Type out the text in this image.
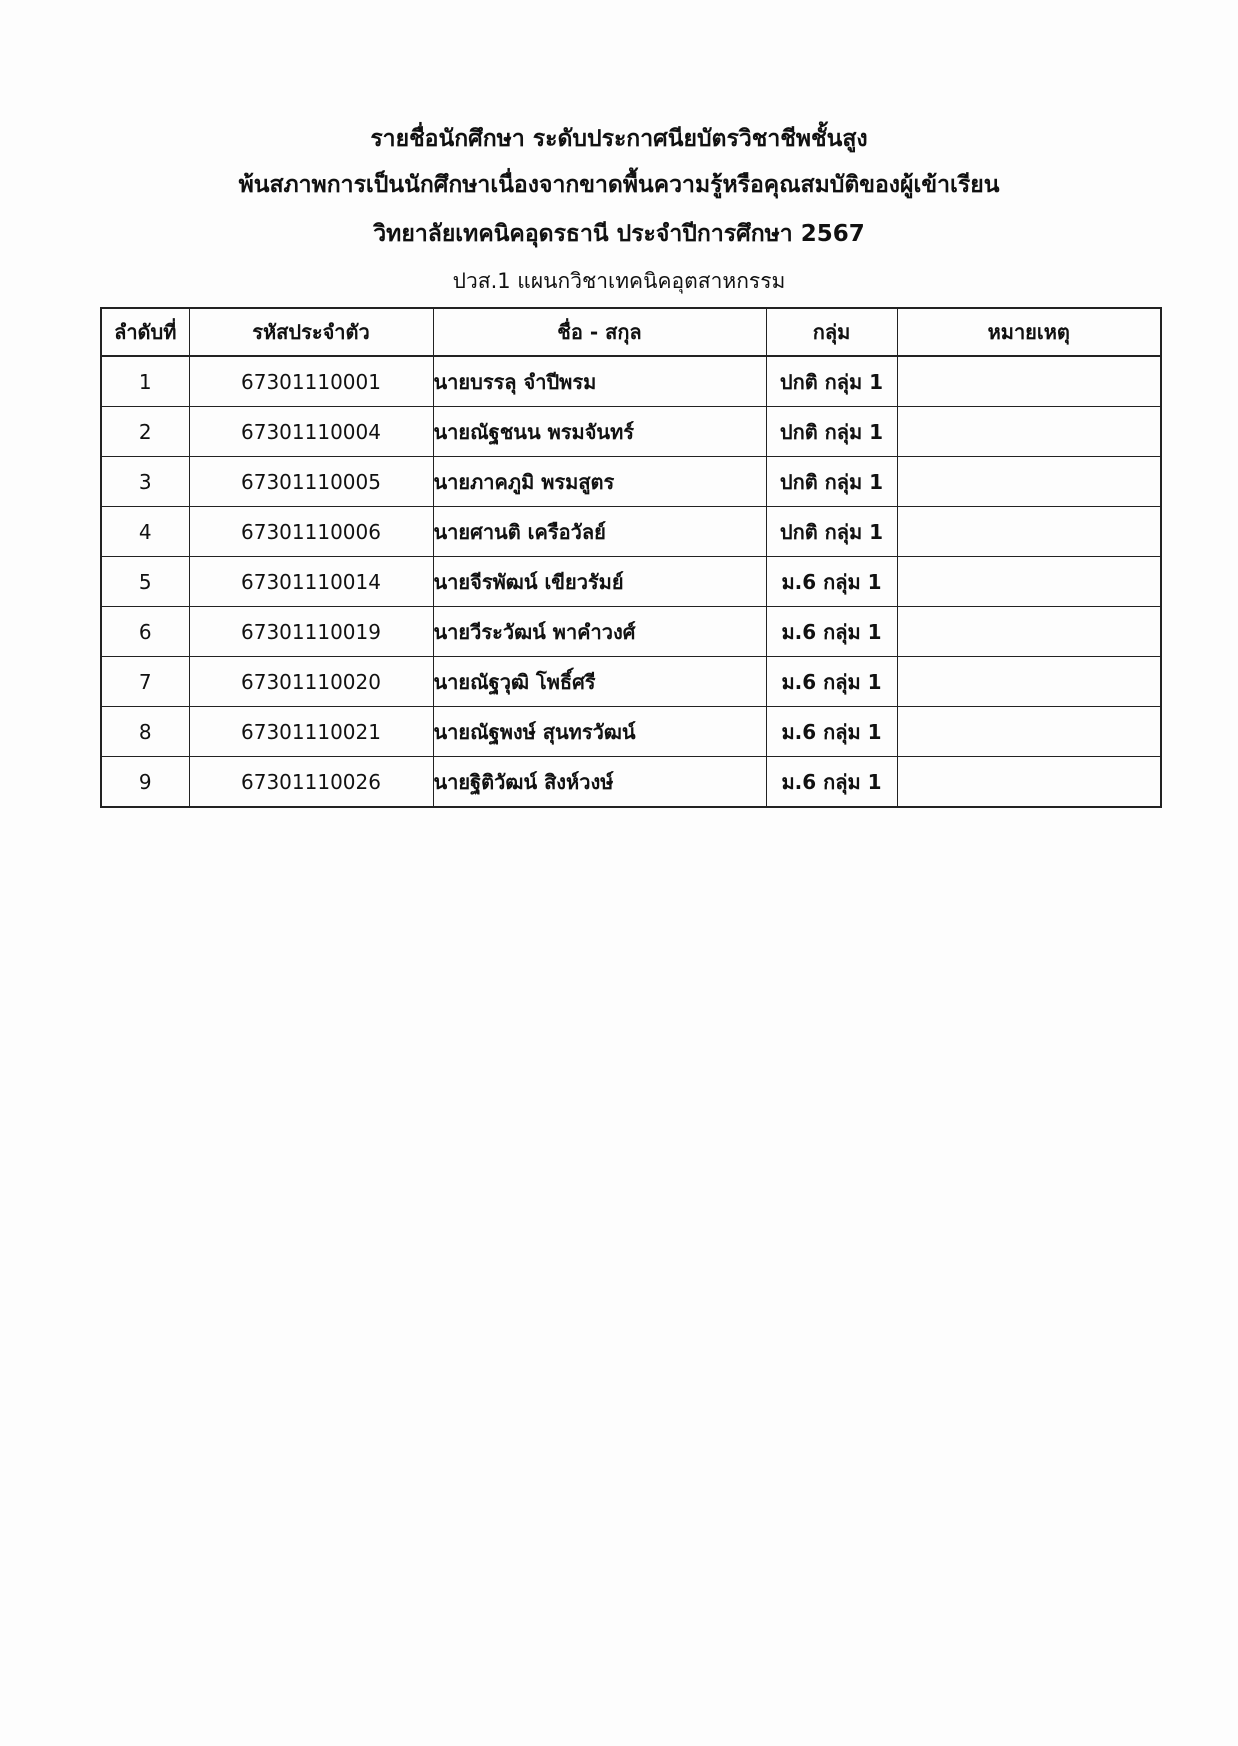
รายชื่อนักศึกษา ระดับประกาศนียบัตรวิชาชีพชั้นสูง
พ้นสภาพการเป็นนักศึกษาเนื่องจากขาดพื้นความรู้หรือคุณสมบัติของผู้เข้าเรียน
วิทยาลัยเทคนิคอุดรธานี ประจำปีการศึกษา 2567
ปวส.1 แผนกวิชาเทคนิคอุตสาหกรรม
ลำดับที่	รหัสประจำตัว	ชื่อ - สกุล	กลุ่ม	หมายเหตุ
1	67301110001	นายบรรลุ จำปีพรม	ปกติ กลุ่ม 1	
2	67301110004	นายณัฐชนน พรมจันทร์	ปกติ กลุ่ม 1	
3	67301110005	นายภาคภูมิ พรมสูตร	ปกติ กลุ่ม 1	
4	67301110006	นายศานติ เครือวัลย์	ปกติ กลุ่ม 1	
5	67301110014	นายจีรพัฒน์ เขียวรัมย์	ม.6 กลุ่ม 1	
6	67301110019	นายวีระวัฒน์ พาคำวงศ์	ม.6 กลุ่ม 1	
7	67301110020	นายณัฐวุฒิ โพธิ์ศรี	ม.6 กลุ่ม 1	
8	67301110021	นายณัฐพงษ์ สุนทรวัฒน์	ม.6 กลุ่ม 1	
9	67301110026	นายฐิติวัฒน์ สิงห์วงษ์	ม.6 กลุ่ม 1	
